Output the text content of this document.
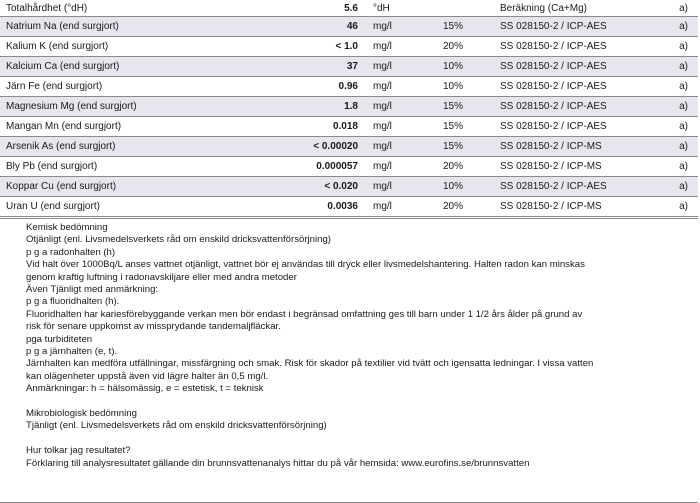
Totalhårdhet (°dH)	5.6	°dH		Beräkning (Ca+Mg)	a)
Natrium Na (end surgjort)	46	mg/l	15%	SS 028150-2 / ICP-AES	a)
Kalium K (end surgjort)	< 1.0	mg/l	20%	SS 028150-2 / ICP-AES	a)
Kalcium Ca (end surgjort)	37	mg/l	10%	SS 028150-2 / ICP-AES	a)
Järn Fe (end surgjort)	0.96	mg/l	10%	SS 028150-2 / ICP-AES	a)
Magnesium Mg (end surgjort)	1.8	mg/l	15%	SS 028150-2 / ICP-AES	a)
Mangan Mn (end surgjort)	0.018	mg/l	15%	SS 028150-2 / ICP-AES	a)
Arsenik As (end surgjort)	< 0.00020	mg/l	15%	SS 028150-2 / ICP-MS	a)
Bly Pb (end surgjort)	0.000057	mg/l	20%	SS 028150-2 / ICP-MS	a)
Koppar Cu (end surgjort)	< 0.020	mg/l	10%	SS 028150-2 / ICP-AES	a)
Uran U (end surgjort)	0.0036	mg/l	20%	SS 028150-2 / ICP-MS	a)
Kemisk bedömning
Otjänligt (enl. Livsmedelsverkets råd om enskild dricksvattenförsörjning)
p g a radonhalten (h)
Vid halt över 1000Bq/L anses vattnet otjänligt, vattnet bör ej användas till dryck eller livsmedelshantering. Halten radon kan minskas
genom kraftig luftning i radonavskiljare eller med andra metoder
Även Tjänligt med anmärkning:
p g a fluoridhalten (h).
Fluoridhalten har kariesförebyggande verkan men bör endast i begränsad omfattning ges till barn under 1 1/2 års ålder på grund av
risk för senare uppkomst av missprydande tandemaljfläckar.
pga turbiditeten
p g a järnhalten (e, t).
Järnhalten kan medföra utfällningar, missfärgning och smak. Risk för skador på textilier vid tvätt och igensatta ledningar. I vissa vatten
kan olägenheter uppstå även vid lägre halter än 0,5 mg/l.
Anmärkningar: h = hälsomässig, e = estetisk, t = teknisk
Mikrobiologisk bedömning
Tjänligt (enl. Livsmedelsverkets råd om enskild dricksvattenförsörjning)
Hur tolkar jag resultatet?
Förklaring till analysresultatet gällande din brunnsvattenanalys hittar du på vår hemsida: www.eurofins.se/brunnsvatten
